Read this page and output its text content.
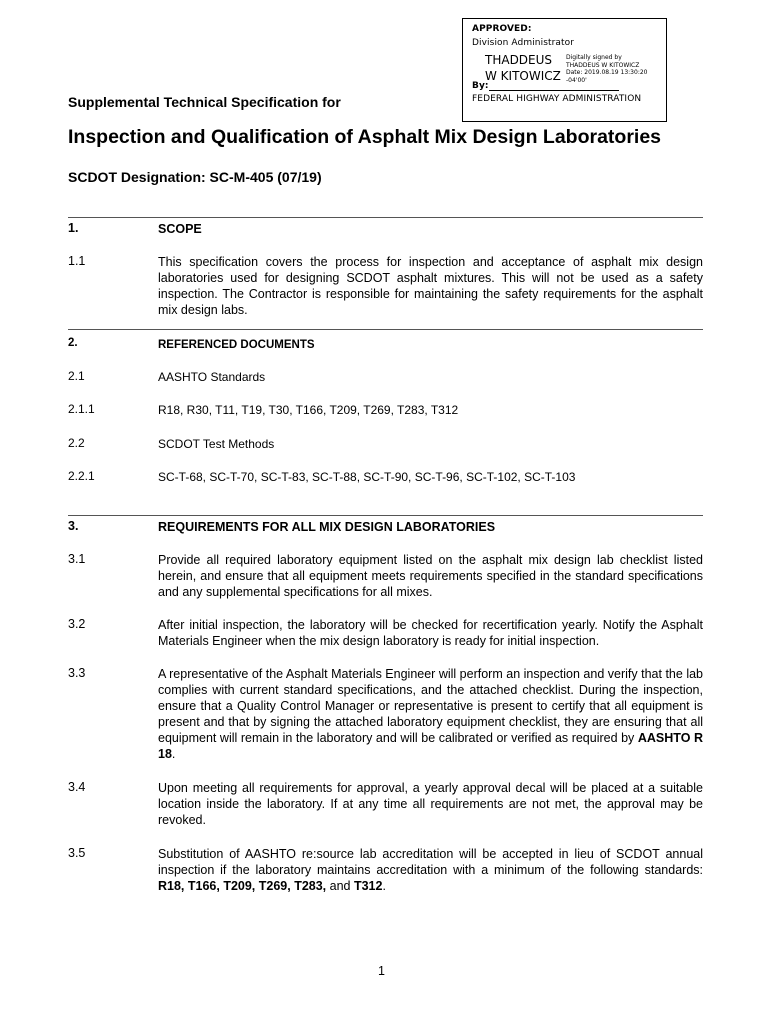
APPROVED:
Division Administrator
THADDEUS
W KITOWICZ
Digitally signed by
THADDEUS W KITOWICZ
Date: 2019.08.19 13:30:20
-04'00'
By:
FEDERAL HIGHWAY ADMINISTRATION
Supplemental Technical Specification for
Inspection and Qualification of Asphalt Mix Design Laboratories
SCDOT Designation: SC-M-405 (07/19)
1.	SCOPE
1.1	This specification covers the process for inspection and acceptance of asphalt mix design laboratories used for designing SCDOT asphalt mixtures. This will not be used as a safety inspection. The Contractor is responsible for maintaining the safety requirements for the asphalt mix design labs.
2.	REFERENCED DOCUMENTS
2.1	AASHTO Standards
2.1.1	R18, R30, T11, T19, T30, T166, T209, T269, T283, T312
2.2	SCDOT Test Methods
2.2.1	SC-T-68, SC-T-70, SC-T-83, SC-T-88, SC-T-90, SC-T-96, SC-T-102, SC-T-103
3.	REQUIREMENTS FOR ALL MIX DESIGN LABORATORIES
3.1	Provide all required laboratory equipment listed on the asphalt mix design lab checklist listed herein, and ensure that all equipment meets requirements specified in the standard specifications and any supplemental specifications for all mixes.
3.2	After initial inspection, the laboratory will be checked for recertification yearly. Notify the Asphalt Materials Engineer when the mix design laboratory is ready for initial inspection.
3.3	A representative of the Asphalt Materials Engineer will perform an inspection and verify that the lab complies with current standard specifications, and the attached checklist. During the inspection, ensure that a Quality Control Manager or representative is present to certify that all equipment is present and that by signing the attached laboratory equipment checklist, they are ensuring that all equipment will remain in the laboratory and will be calibrated or verified as required by AASHTO R 18.
3.4	Upon meeting all requirements for approval, a yearly approval decal will be placed at a suitable location inside the laboratory. If at any time all requirements are not met, the approval may be revoked.
3.5	Substitution of AASHTO re:source lab accreditation will be accepted in lieu of SCDOT annual inspection if the laboratory maintains accreditation with a minimum of the following standards: R18, T166, T209, T269, T283, and T312.
1
